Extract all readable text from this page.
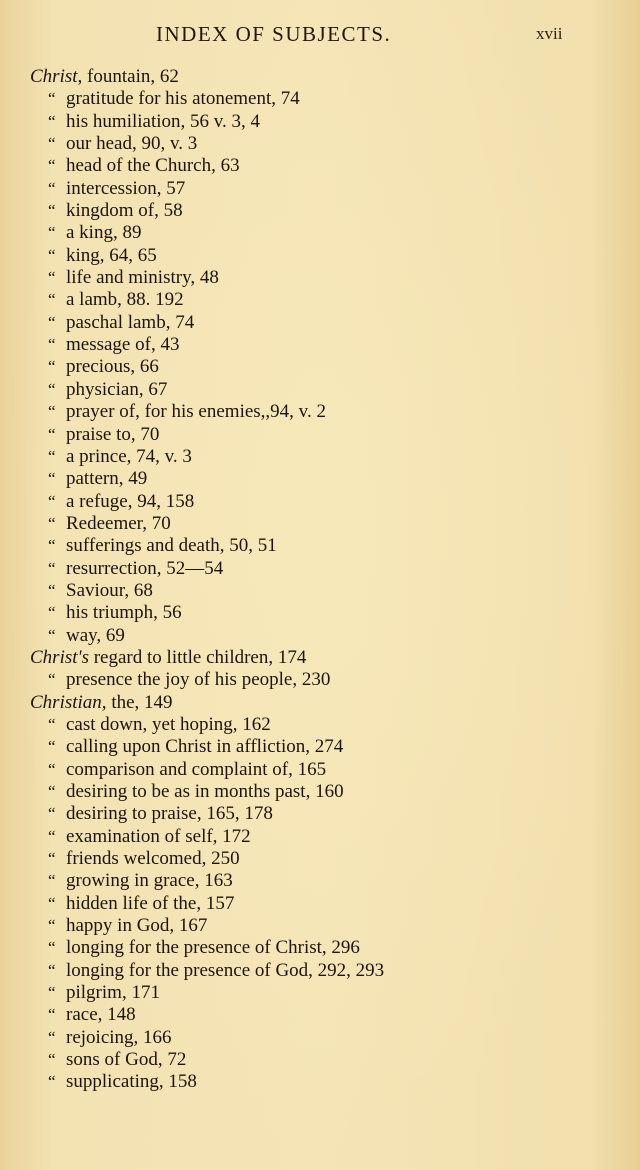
INDEX OF SUBJECTS.	xvii
Christ, fountain, 62
“ gratitude for his atonement, 74
“ his humiliation, 56 v. 3, 4
“ our head, 90, v. 3
“ head of the Church, 63
“ intercession, 57
“ kingdom of, 58
“ a king, 89
“ king, 64, 65
“ life and ministry, 48
“ a lamb, 88. 192
“ paschal lamb, 74
“ message of, 43
“ precious, 66
“ physician, 67
“ prayer of, for his enemies,,94, v. 2
“ praise to, 70
“ a prince, 74, v. 3
“ pattern, 49
“ a refuge, 94, 158
“ Redeemer, 70
“ sufferings and death, 50, 51
“ resurrection, 52—54
“ Saviour, 68
“ his triumph, 56
“ way, 69
Christ's regard to little children, 174
“ presence the joy of his people, 230
Christian, the, 149
“ cast down, yet hoping, 162
“ calling upon Christ in affliction, 274
“ comparison and complaint of, 165
“ desiring to be as in months past, 160
“ desiring to praise, 165, 178
“ examination of self, 172
“ friends welcomed, 250
“ growing in grace, 163
“ hidden life of the, 157
“ happy in God, 167
“ longing for the presence of Christ, 296
“ longing for the presence of God, 292, 293
“ pilgrim, 171
“ race, 148
“ rejoicing, 166
“ sons of God, 72
“ supplicating, 158
